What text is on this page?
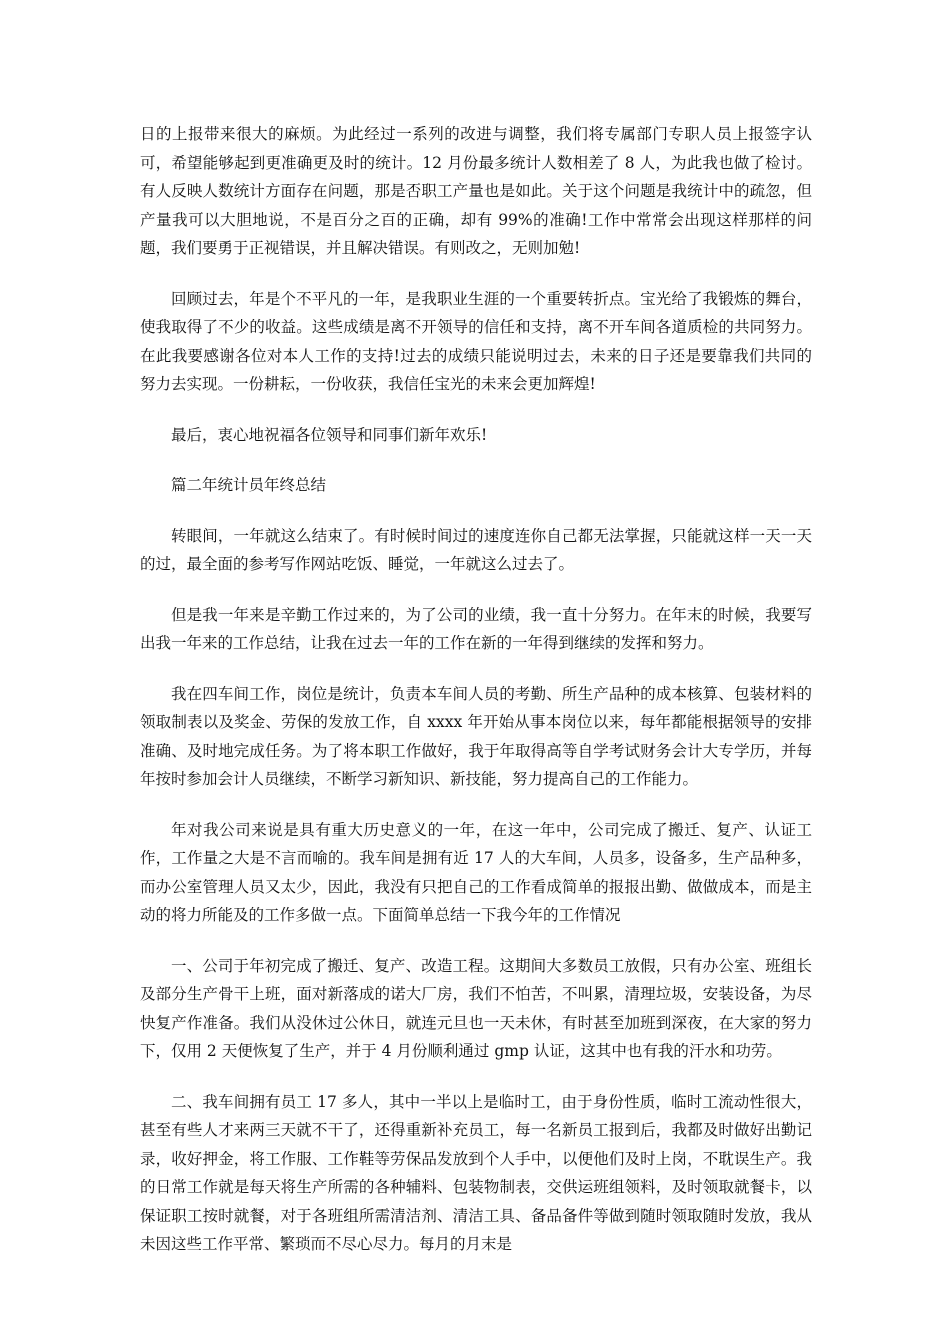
日的上报带来很大的麻烦。为此经过一系列的改进与调整，我们将专属部门专职人员上报签字认可，希望能够起到更准确更及时的统计。12 月份最多统计人数相差了 8 人，为此我也做了检讨。有人反映人数统计方面存在问题，那是否职工产量也是如此。关于这个问题是我统计中的疏忽，但产量我可以大胆地说，不是百分之百的正确，却有 99%的准确!工作中常常会出现这样那样的问题，我们要勇于正视错误，并且解决错误。有则改之，无则加勉!

回顾过去，年是个不平凡的一年，是我职业生涯的一个重要转折点。宝光给了我锻炼的舞台，使我取得了不少的收益。这些成绩是离不开领导的信任和支持，离不开车间各道质检的共同努力。在此我要感谢各位对本人工作的支持!过去的成绩只能说明过去，未来的日子还是要靠我们共同的努力去实现。一份耕耘，一份收获，我信任宝光的未来会更加辉煌!

最后，衷心地祝福各位领导和同事们新年欢乐!

篇二年统计员年终总结

转眼间，一年就这么结束了。有时候时间过的速度连你自己都无法掌握，只能就这样一天一天的过，最全面的参考写作网站吃饭、睡觉，一年就这么过去了。

但是我一年来是辛勤工作过来的，为了公司的业绩，我一直十分努力。在年末的时候，我要写出我一年来的工作总结，让我在过去一年的工作在新的一年得到继续的发挥和努力。

我在四车间工作，岗位是统计，负责本车间人员的考勤、所生产品种的成本核算、包装材料的领取制表以及奖金、劳保的发放工作，自 xxxx 年开始从事本岗位以来，每年都能根据领导的安排准确、及时地完成任务。为了将本职工作做好，我于年取得高等自学考试财务会计大专学历，并每年按时参加会计人员继续，不断学习新知识、新技能，努力提高自己的工作能力。

年对我公司来说是具有重大历史意义的一年，在这一年中，公司完成了搬迁、复产、认证工作，工作量之大是不言而喻的。我车间是拥有近 17 人的大车间，人员多，设备多，生产品种多，而办公室管理人员又太少，因此，我没有只把自己的工作看成简单的报报出勤、做做成本，而是主动的将力所能及的工作多做一点。下面简单总结一下我今年的工作情况

一、公司于年初完成了搬迁、复产、改造工程。这期间大多数员工放假，只有办公室、班组长及部分生产骨干上班，面对新落成的诺大厂房，我们不怕苦，不叫累，清理垃圾，安装设备，为尽快复产作准备。我们从没休过公休日，就连元旦也一天未休，有时甚至加班到深夜，在大家的努力下，仅用 2 天便恢复了生产，并于 4 月份顺利通过 gmp 认证，这其中也有我的汗水和功劳。

二、我车间拥有员工 17 多人，其中一半以上是临时工，由于身份性质，临时工流动性很大，甚至有些人才来两三天就不干了，还得重新补充员工，每一名新员工报到后，我都及时做好出勤记录，收好押金，将工作服、工作鞋等劳保品发放到个人手中，以便他们及时上岗，不耽误生产。我的日常工作就是每天将生产所需的各种辅料、包装物制表，交供运班组领料，及时领取就餐卡，以保证职工按时就餐，对于各班组所需清洁剂、清洁工具、备品备件等做到随时领取随时发放，我从未因这些工作平常、繁琐而不尽心尽力。每月的月末是
